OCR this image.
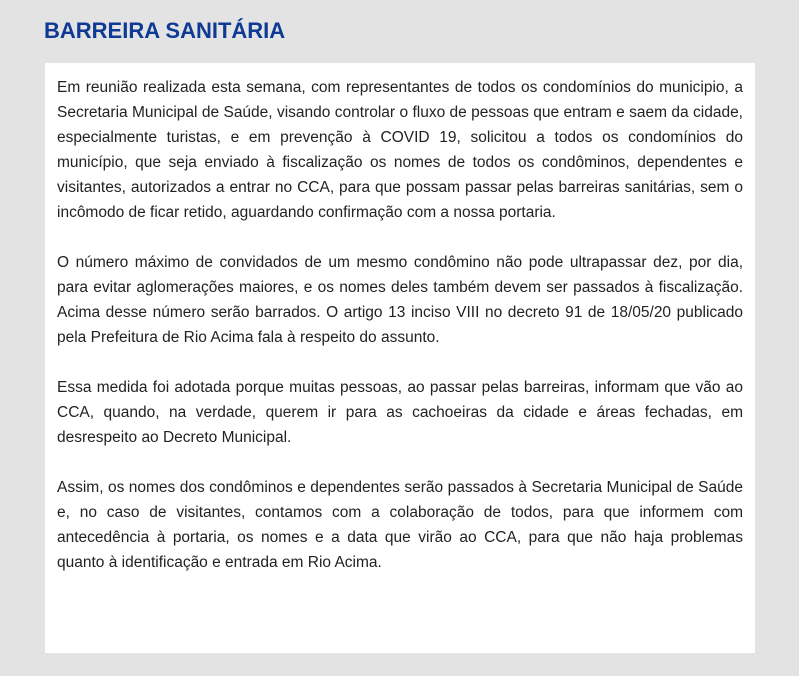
BARREIRA SANITÁRIA

Em reunião realizada esta semana, com representantes de todos os condomínios do municipio, a Secretaria Municipal de Saúde, visando controlar o fluxo de pessoas que entram e saem da cidade, especialmente turistas, e em prevenção à COVID 19, solicitou a todos os condomínios do município, que seja enviado à fiscalização os nomes de todos os condôminos, dependentes e visitantes, autorizados a entrar no CCA, para que possam passar pelas barreiras sanitárias, sem o incômodo de ficar retido, aguardando confirmação com a nossa portaria.

O número máximo de convidados de um mesmo condômino não pode ultrapassar dez, por dia, para evitar aglomerações maiores, e os nomes deles também devem ser passados à fiscalização. Acima desse número serão barrados. O artigo 13 inciso VIII no decreto 91 de 18/05/20 publicado pela Prefeitura de Rio Acima fala à respeito do assunto.

Essa medida foi adotada porque muitas pessoas, ao passar pelas barreiras, informam que vão ao CCA, quando, na verdade, querem ir para as cachoeiras da cidade e áreas fechadas, em desrespeito ao Decreto Municipal.

Assim, os nomes dos condôminos e dependentes serão passados à Secretaria Municipal de Saúde e, no caso de visitantes, contamos com a colaboração de todos, para que informem com antecedência à portaria, os nomes e a data que virão ao CCA, para que não haja problemas quanto à identificação e entrada em Rio Acima.
